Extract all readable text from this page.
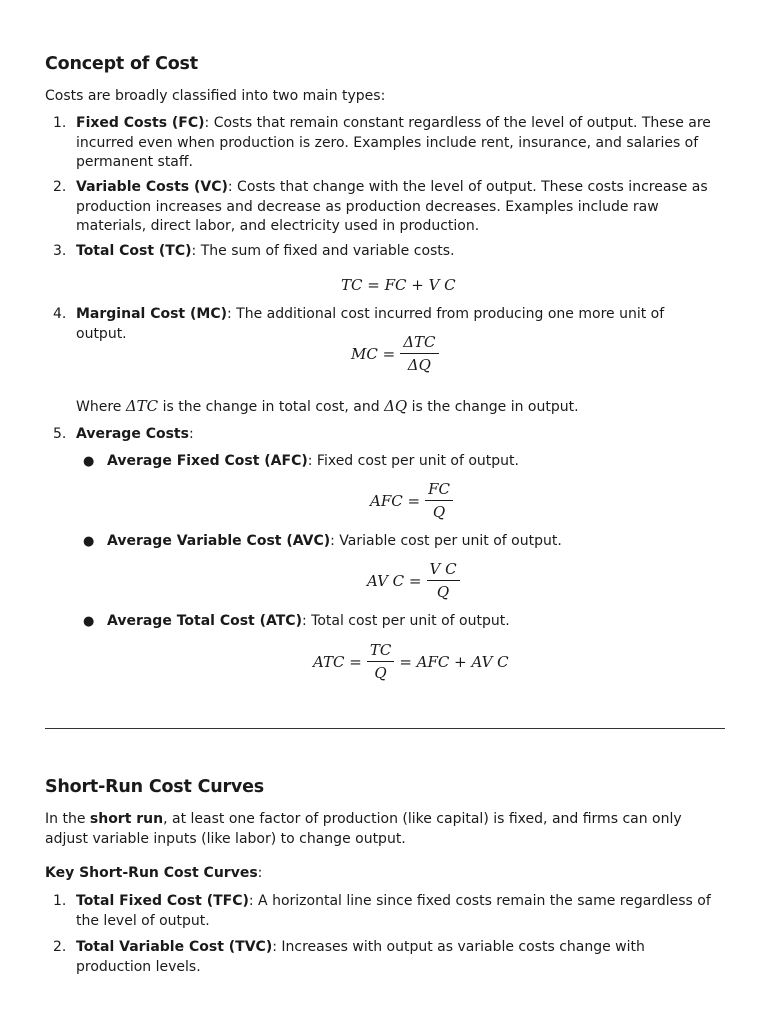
Concept of Cost

Costs are broadly classified into two main types:

1. Fixed Costs (FC): Costs that remain constant regardless of the level of output. These are incurred even when production is zero. Examples include rent, insurance, and salaries of permanent staff.
2. Variable Costs (VC): Costs that change with the level of output. These costs increase as production increases and decrease as production decreases. Examples include raw materials, direct labor, and electricity used in production.
3. Total Cost (TC): The sum of fixed and variable costs.
TC = FC + V C
4. Marginal Cost (MC): The additional cost incurred from producing one more unit of output.
MC = $\frac{\text{ΔTC}}{\Delta Q}$

Where ΔTC is the change in total cost, and ΔQ is the change in output.

5. Average Costs:
● Average Fixed Cost (AFC): Fixed cost per unit of output.
AFC = $\frac{FC}{Q}$
● Average Variable Cost (AVC): Variable cost per unit of output.
AV $C = \frac{\text{V C}}{Q}$
● Average Total Cost (ATC): Total cost per unit of output.
ATC = $\frac{TC}{Q}$ = AFC + AV C
Short-Run Cost Curves

In the short run, at least one factor of production (like capital) is fixed, and firms can only adjust variable inputs (like labor) to change output.

Key Short-Run Cost Curves:

1. Total Fixed Cost (TFC): A horizontal line since fixed costs remain the same regardless of the level of output.
2. Total Variable Cost (TVC): Increases with output as variable costs change with production levels.
